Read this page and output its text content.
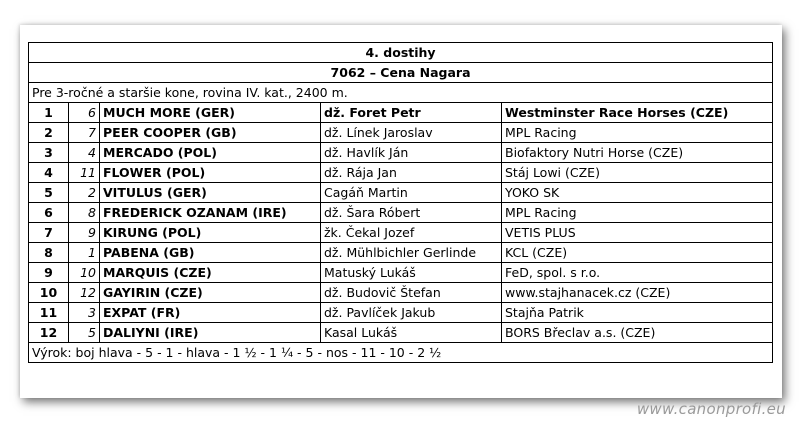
4. dostihy				
7062 – Cena Nagara				
Pre 3-ročné a staršie kone, rovina IV. kat., 2400 m.				
1	6	MUCH MORE (GER)	dž. Foret Petr	Westminster Race Horses (CZE)
2	7	PEER COOPER (GB)	dž. Línek Jaroslav	MPL Racing
3	4	MERCADO (POL)	dž. Havlík Ján	Biofaktory Nutri Horse (CZE)
4	11	FLOWER (POL)	dž. Rája Jan	Stáj Lowi (CZE)
5	2	VITULUS (GER)	Cagáň Martin	YOKO SK
6	8	FREDERICK OZANAM (IRE)	dž. Šara Róbert	MPL Racing
7	9	KIRUNG (POL)	žk. Čekal Jozef	VETIS PLUS
8	1	PABENA (GB)	dž. Mühlbichler Gerlinde	KCL (CZE)
9	10	MARQUIS (CZE)	Matuský Lukáš	FeD, spol. s r.o.
10	12	GAYIRIN (CZE)	dž. Budovič Štefan	www.stajhanacek.cz (CZE)
11	3	EXPAT (FR)	dž. Pavlíček Jakub	Stajňa Patrik
12	5	DALIYNI (IRE)	Kasal Lukáš	BORS Břeclav a.s. (CZE)
Výrok: boj hlava - 5 - 1 - hlava - 1 ½ - 1 ¼ - 5 - nos - 11 - 10 - 2 ½				
www.canonprofi.eu
